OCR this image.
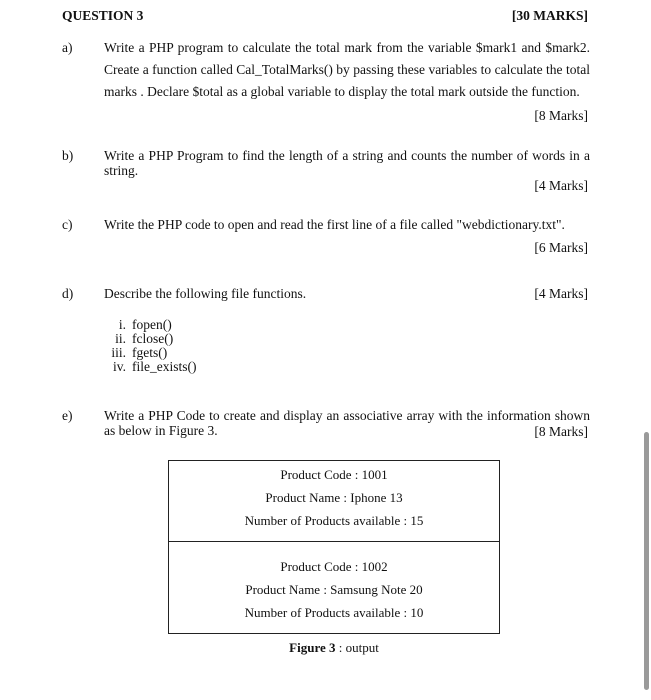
QUESTION 3	[30 MARKS]
a) Write a PHP program to calculate the total mark from the variable $mark1 and $mark2. Create a function called Cal_TotalMarks() by passing these variables to calculate the total marks . Declare $total as a global variable to display the total mark outside the function.
[8 Marks]
b) Write a PHP Program to find the length of a string and counts the number of words in a string.
[4 Marks]
c) Write the PHP code to open and read the first line of a file called "webdictionary.txt".
[6 Marks]
d) Describe the following file functions.	[4 Marks]
i. fopen()
ii. fclose()
iii. fgets()
iv. file_exists()
e) Write a PHP Code to create and display an associative array with the information shown as below in Figure 3.	[8 Marks]
Product Code : 1001
Product Name : Iphone 13
Number of Products available : 15
Product Code : 1002
Product Name : Samsung Note 20
Number of Products available : 10
Figure 3 : output
